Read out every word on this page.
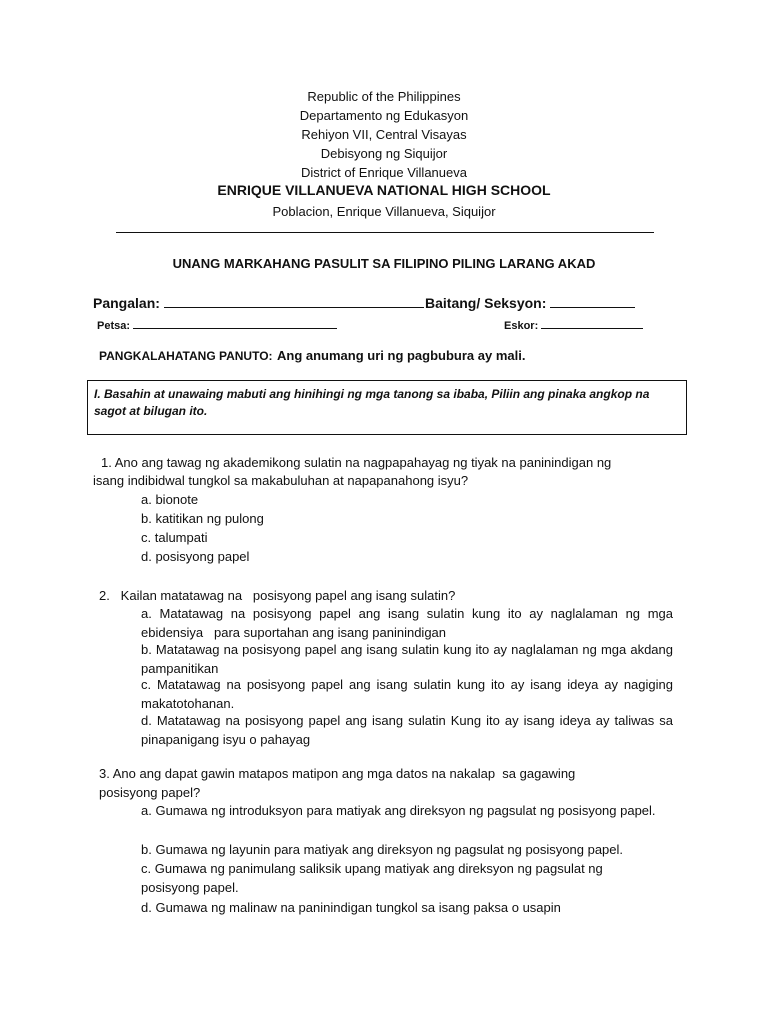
Republic of the Philippines
Departamento ng Edukasyon
Rehiyon VII, Central Visayas
Debisyong ng Siquijor
District of Enrique Villanueva
ENRIQUE VILLANUEVA NATIONAL HIGH SCHOOL
Poblacion, Enrique Villanueva, Siquijor
UNANG MARKAHANG PASULIT SA FILIPINO PILING LARANG AKAD
Pangalan:	Baitang/ Seksyon:
Petsa:	Eskor:
PANGKALAHATANG PANUTO: Ang anumang uri ng pagbubura ay mali.
I. Basahin at unawaing mabuti ang hinihingi ng mga tanong sa ibaba, Piliin ang pinaka angkop na sagot at bilugan ito.
1. Ano ang tawag ng akademikong sulatin na nagpapahayag ng tiyak na paninindigan ng
isang indibidwal tungkol sa makabuluhan at napapanahong isyu?
a. bionote
b. katitikan ng pulong
c. talumpati
d. posisyong papel
2.   Kailan matatawag na   posisyong papel ang isang sulatin?
a. Matatawag na posisyong papel ang isang sulatin kung ito ay naglalaman ng mga ebidensiya   para suportahan ang isang paninindigan
b. Matatawag na posisyong papel ang isang sulatin kung ito ay naglalaman ng mga akdang pampanitikan
c. Matatawag na posisyong papel ang isang sulatin kung ito ay isang ideya ay nagiging makatotohanan.
d. Matatawag na posisyong papel ang isang sulatin Kung ito ay isang ideya ay taliwas sa pinapanigang isyu o pahayag
3. Ano ang dapat gawin matapos matipon ang mga datos na nakalap  sa gagawing
posisyong papel?
a. Gumawa ng introduksyon para matiyak ang direksyon ng pagsulat ng posisyong papel.
b. Gumawa ng layunin para matiyak ang direksyon ng pagsulat ng posisyong papel.
c. Gumawa ng panimulang saliksik upang matiyak ang direksyon ng pagsulat ng posisyong papel.
d. Gumawa ng malinaw na paninindigan tungkol sa isang paksa o usapin
